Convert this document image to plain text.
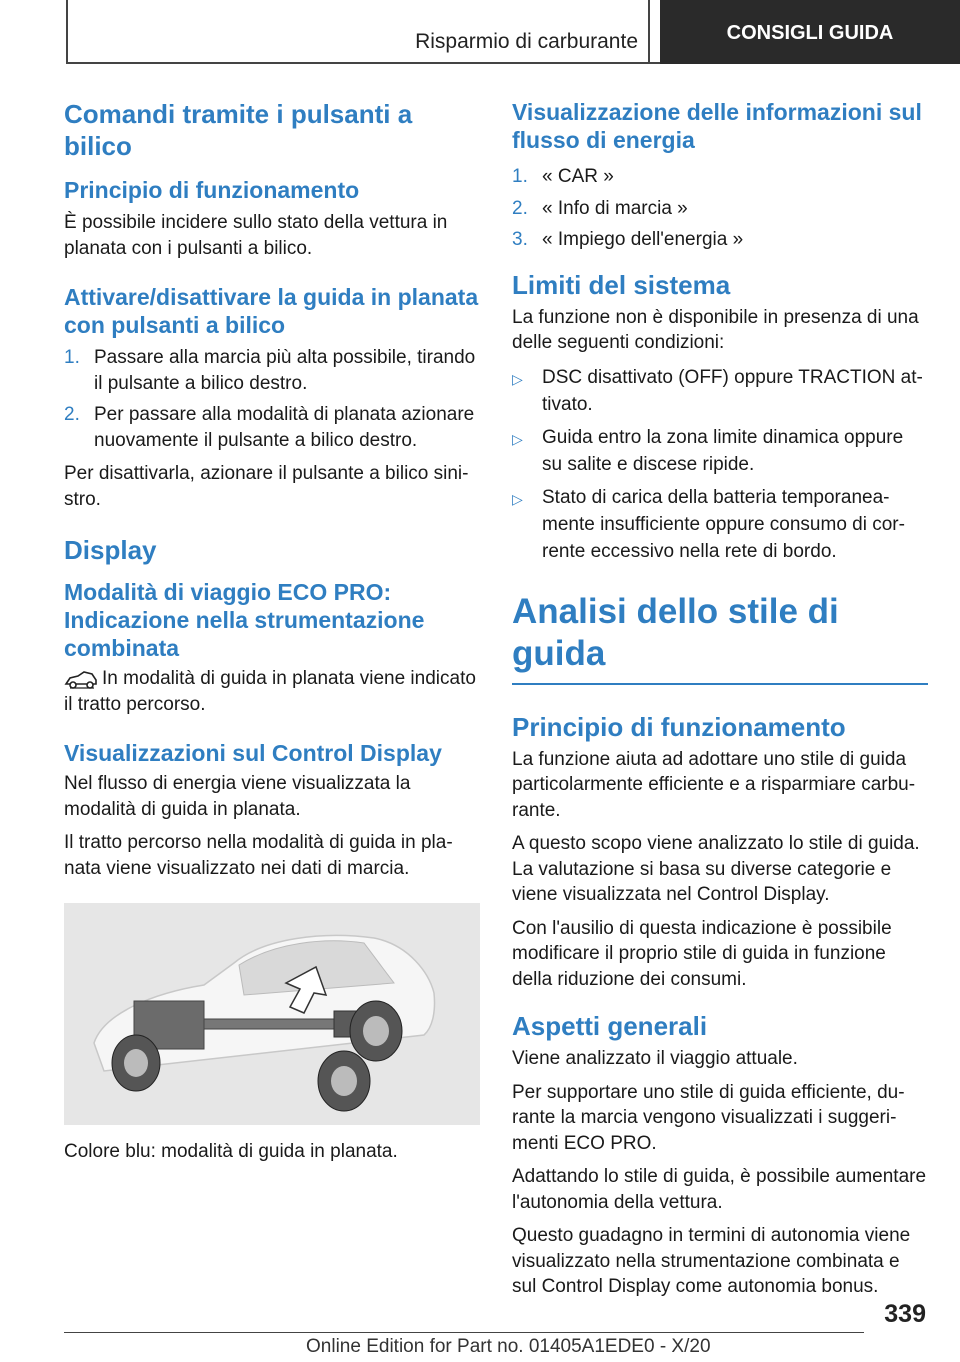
Risparmio di carburante	CONSIGLI GUIDA
Comandi tramite i pulsanti a bilico
Principio di funzionamento

È possibile incidere sullo stato della vettura in planata con i pulsanti a bilico.

Attivare/disattivare la guida in planata con pulsanti a bilico
1. Passare alla marcia più alta possibile, tirando il pulsante a bilico destro.
2. Per passare alla modalità di planata azionare nuovamente il pulsante a bilico destro.

Per disattivarla, azionare il pulsante a bilico sini-stro.

Display
Modalità di viaggio ECO PRO: Indicazione nella strumentazione combinata

In modalità di guida in planata viene indicato il tratto percorso.

Visualizzazioni sul Control Display

Nel flusso di energia viene visualizzata la modalità di guida in planata.

Il tratto percorso nella modalità di guida in pla-nata viene visualizzato nei dati di marcia.

Colore blu: modalità di guida in planata.

Visualizzazione delle informazioni sul flusso di energia
1. « CAR »
2. « Info di marcia »
3. « Impiego dell'energia »
Limiti del sistema

La funzione non è disponibile in presenza di una delle seguenti condizioni:

▷ DSC disattivato (OFF) oppure TRACTION at-tivato.
▷ Guida entro la zona limite dinamica oppure su salite e discese ripide.
▷ Stato di carica della batteria temporanea-mente insufficiente oppure consumo di cor-rente eccessivo nella rete di bordo.
Analisi dello stile di guida
Principio di funzionamento

La funzione aiuta ad adottare uno stile di guida particolarmente efficiente e a risparmiare carbu-rante.

A questo scopo viene analizzato lo stile di guida. La valutazione si basa su diverse categorie e viene visualizzata nel Control Display.

Con l'ausilio di questa indicazione è possibile modificare il proprio stile di guida in funzione della riduzione dei consumi.

Aspetti generali

Viene analizzato il viaggio attuale.

Per supportare uno stile di guida efficiente, du-rante la marcia vengono visualizzati i suggeri-menti ECO PRO.

Adattando lo stile di guida, è possibile aumentare l'autonomia della vettura.

Questo guadagno in termini di autonomia viene visualizzato nella strumentazione combinata e sul Control Display come autonomia bonus.

339
Online Edition for Part no. 01405A1EDE0 - X/20
